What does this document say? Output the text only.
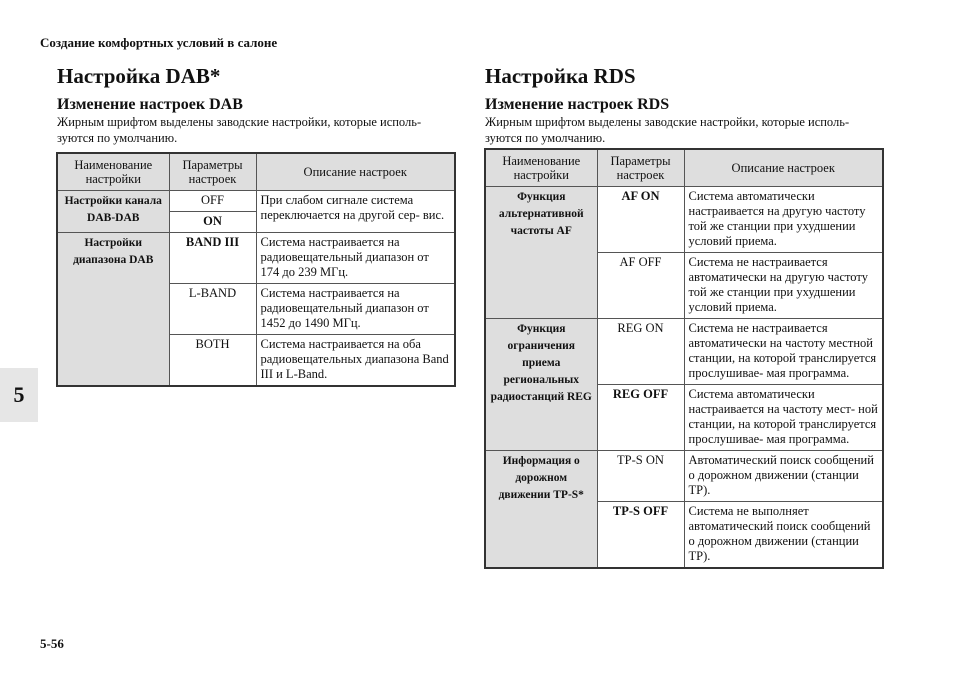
Создание комфортных условий в салоне
5
5-56
Настройка DAB*
Изменение настроек DAB

Жирным шрифтом выделены заводские настройки, которые исполь-

зуются по умолчанию.

Наименование настройки	Параметры настроек	Описание настроек
Настройки канала DAB-DAB	OFF	При слабом сигнале система переключается на другой сер- вис.
	ON	
Настройки диапазона DAB	BAND III	Система настраивается на радиовещательный диапазон от 174 до 239 МГц.
	L-BAND	Система настраивается на радиовещательный диапазон от 1452 до 1490 МГц.
	BOTH	Система настраивается на оба радиовещательных диапазона Band III и L-Band.
Настройка RDS
Изменение настроек RDS

Жирным шрифтом выделены заводские настройки, которые исполь-

зуются по умолчанию.

Наименование настройки	Параметры настроек	Описание настроек
Функция альтернативной частоты AF	AF ON	Система автоматически настраивается на другую частоту той же станции при ухудшении условий приема.
	AF OFF	Система не настраивается автоматически на другую частоту той же станции при ухудшении условий приема.
Функция ограничения приема региональных радиостанций REG	REG ON	Система не настраивается автоматически на частоту местной станции, на которой транслируется прослушивае- мая программа.
	REG OFF	Система автоматически настраивается на частоту мест- ной станции, на которой транслируется прослушивае- мая программа.
Информация о дорожном движении TP-S*	TP-S ON	Автоматический поиск сообщений о дорожном движении (станции TP).
	TP-S OFF	Система не выполняет автоматический поиск сообщений о дорожном движении (станции TP).
